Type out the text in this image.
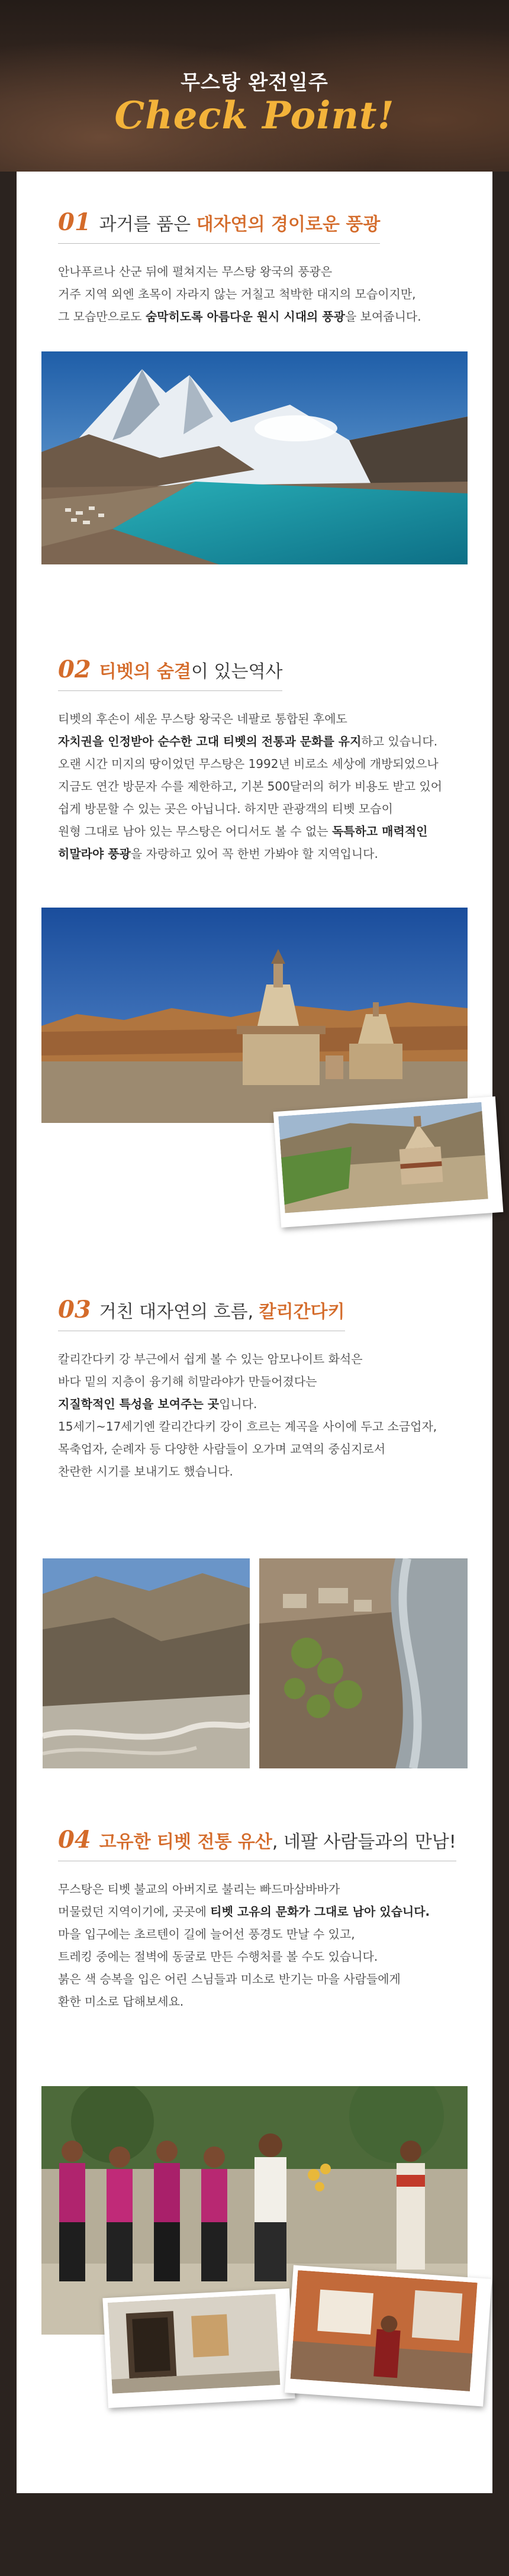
무스탕 완전일주
Check Point!
01 과거를 품은 대자연의 경이로운 풍광
안나푸르나 산군 뒤에 펼쳐지는 무스탕 왕국의 풍광은
거주 지역 외엔 초목이 자라지 않는 거칠고 척박한 대지의 모습이지만,
그 모습만으로도 숨막히도록 아름다운 원시 시대의 풍광을 보여줍니다.
02 티벳의 숨결이 있는역사
티벳의 후손이 세운 무스탕 왕국은 네팔로 통합된 후에도
자치권을 인정받아 순수한 고대 티벳의 전통과 문화를 유지하고 있습니다.
오랜 시간 미지의 땅이었던 무스탕은 1992년 비로소 세상에 개방되었으나
지금도 연간 방문자 수를 제한하고, 기본 500달러의 허가 비용도 받고 있어
쉽게 방문할 수 있는 곳은 아닙니다. 하지만 관광객의 티벳 모습이
원형 그대로 남아 있는 무스탕은 어디서도 볼 수 없는 독특하고 매력적인
히말라야 풍광을 자랑하고 있어 꼭 한번 가봐야 할 지역입니다.
03 거친 대자연의 흐름, 칼리간다키
칼리간다키 강 부근에서 쉽게 볼 수 있는 암모나이트 화석은
바다 밑의 지층이 융기해 히말라야가 만들어졌다는
지질학적인 특성을 보여주는 곳입니다.
15세기~17세기엔 칼리간다키 강이 흐르는 계곡을 사이에 두고 소금업자,
목축업자, 순례자 등 다양한 사람들이 오가며 교역의 중심지로서
찬란한 시기를 보내기도 했습니다.
04 고유한 티벳 전통 유산, 네팔 사람들과의 만남!
무스탕은 티벳 불교의 아버지로 불리는 빠드마삼바바가
머물렀던 지역이기에, 곳곳에 티벳 고유의 문화가 그대로 남아 있습니다.
마을 입구에는 초르텐이 길에 늘어선 풍경도 만날 수 있고,
트레킹 중에는 절벽에 동굴로 만든 수행처를 볼 수도 있습니다.
붉은 색 승복을 입은 어린 스님들과 미소로 반기는 마을 사람들에게
환한 미소로 답해보세요.
